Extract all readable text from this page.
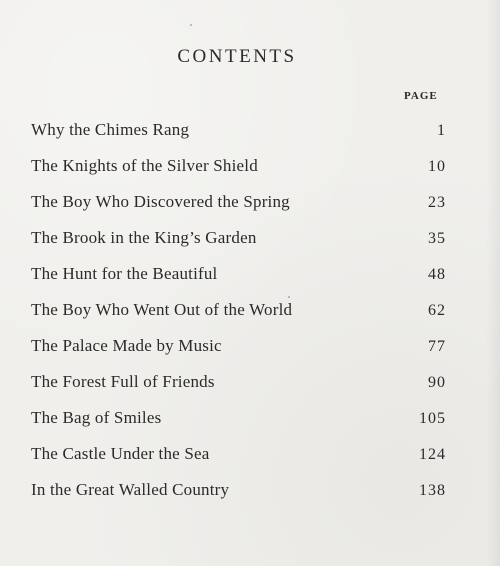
CONTENTS
PAGE
Why the Chimes Rang	1
The Knights of the Silver Shield	10
The Boy Who Discovered the Spring	23
The Brook in the King’s Garden	35
The Hunt for the Beautiful	48
The Boy Who Went Out of the World	62
The Palace Made by Music	77
The Forest Full of Friends	90
The Bag of Smiles	105
The Castle Under the Sea	124
In the Great Walled Country	138
